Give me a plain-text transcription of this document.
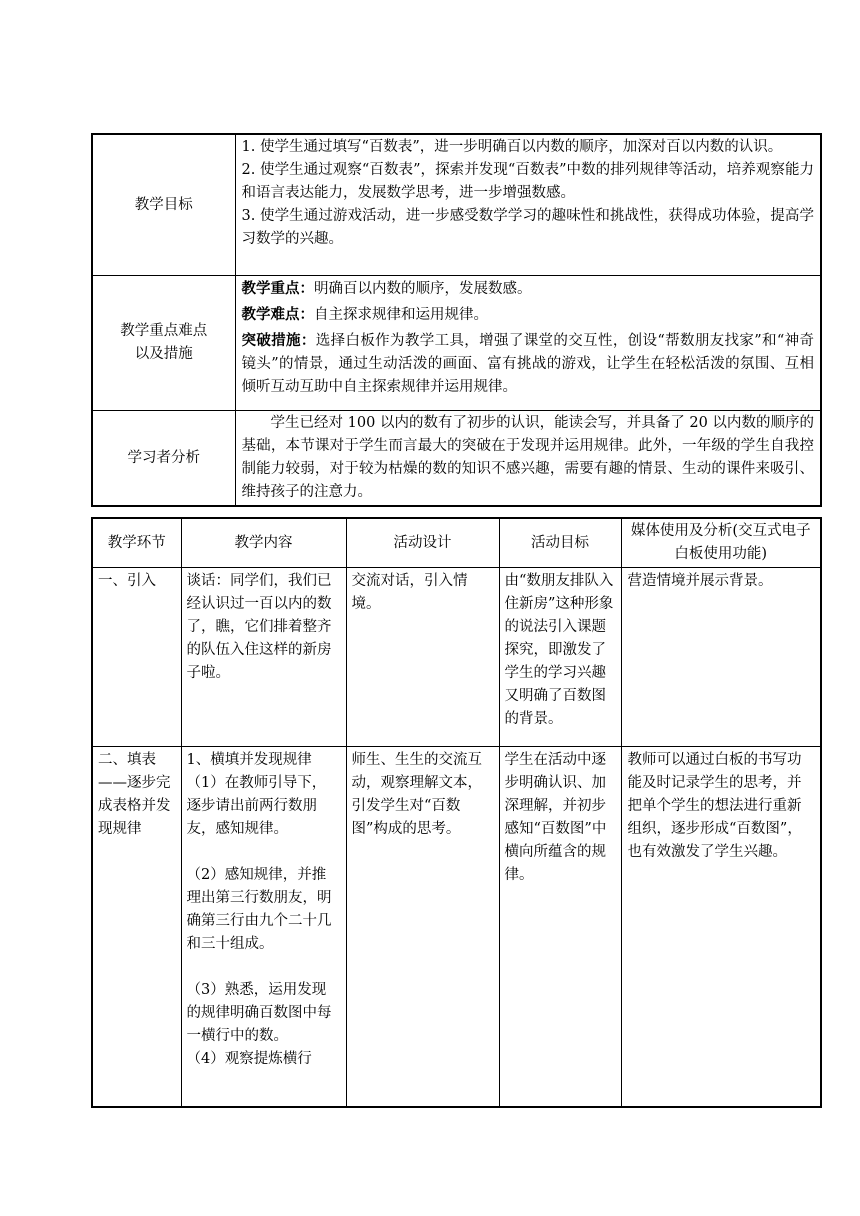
教学目标	1. 使学生通过填写“百数表”，进一步明确百以内数的顺序，加深对百以内数的认识。
2. 使学生通过观察“百数表”，探索并发现“百数表”中数的排列规律等活动，培养观察能力和语言表达能力，发展数学思考，进一步增强数感。
3. 使学生通过游戏活动，进一步感受数学学习的趣味性和挑战性，获得成功体验，提高学习数学的兴趣。

教学重点难点以及措施	教学重点：明确百以内数的顺序，发展数感。
教学难点：自主探求规律和运用规律。
突破措施：选择白板作为教学工具，增强了课堂的交互性，创设“帮数朋友找家”和“神奇镜头”的情景，通过生动活泼的画面、富有挑战的游戏，让学生在轻松活泼的氛围、互相倾听互动互助中自主探索规律并运用规律。

学习者分析	学生已经对 100 以内的数有了初步的认识，能读会写，并具备了 20 以内数的顺序的基础，本节课对于学生而言最大的突破在于发现并运用规律。此外，一年级的学生自我控制能力较弱，对于较为枯燥的数的知识不感兴趣，需要有趣的情景、生动的课件来吸引、维持孩子的注意力。
教学环节	教学内容	活动设计	活动目标	媒体使用及分析(交互式电子白板使用功能)
一、引入	谈话：同学们，我们已经认识过一百以内的数了，瞧，它们排着整齐的队伍入住这样的新房子啦。	交流对话，引入情境。	由“数朋友排队入住新房”这种形象的说法引入课题探究，即激发了学生的学习兴趣又明确了百数图的背景。	营造情境并展示背景。
二、填表——逐步完成表格并发现规律	1、横填并发现规律
（1）在教师引导下，逐步请出前两行数朋友，感知规律。
（2）感知规律，并推理出第三行数朋友，明确第三行由九个二十几和三十组成。
（3）熟悉，运用发现的规律明确百数图中每一横行中的数。
（4）观察提炼横行	师生、生生的交流互动，观察理解文本，引发学生对“百数图”构成的思考。	学生在活动中逐步明确认识、加深理解，并初步感知“百数图”中横向所蕴含的规律。	教师可以通过白板的书写功能及时记录学生的思考，并把单个学生的想法进行重新组织，逐步形成“百数图”，也有效激发了学生兴趣。
